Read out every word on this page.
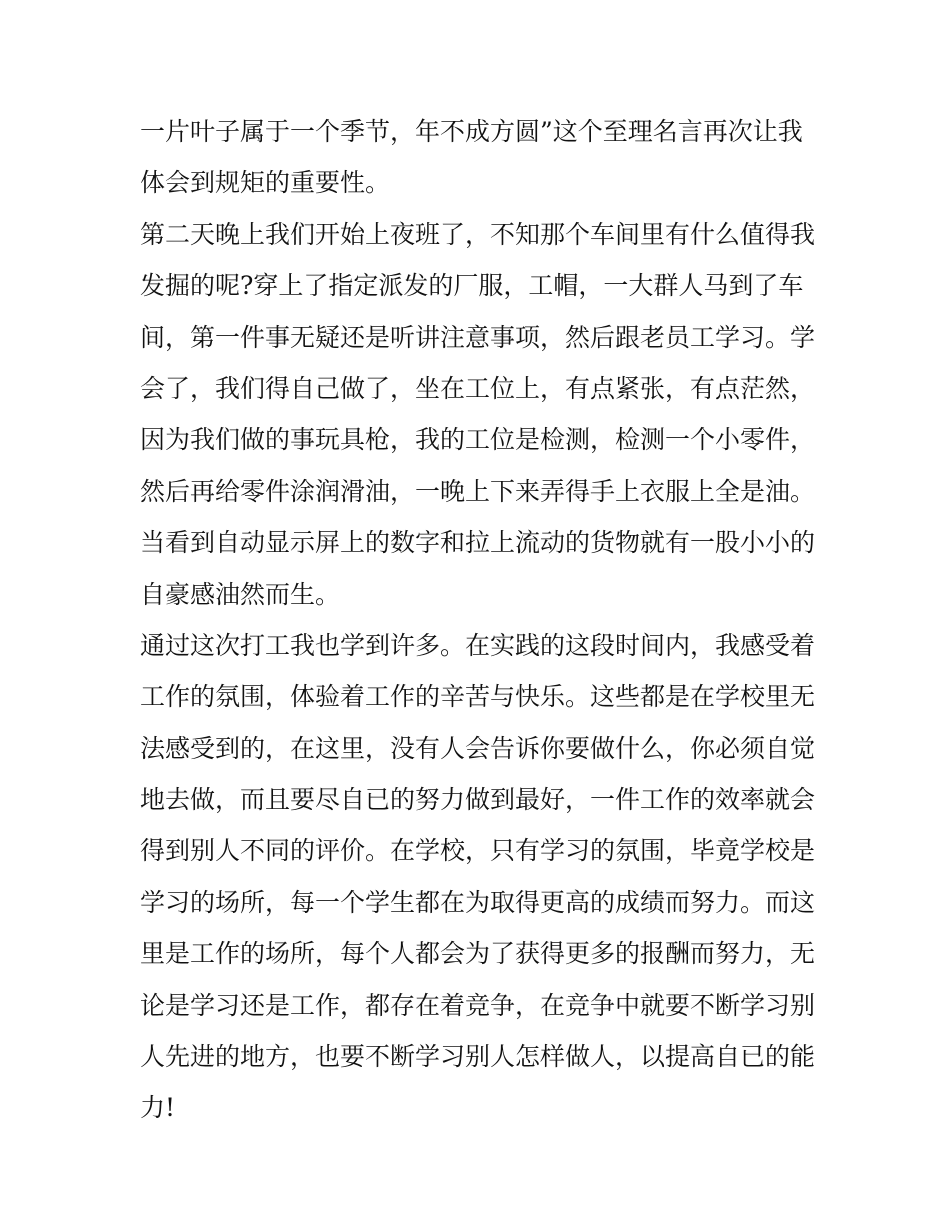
一片叶子属于一个季节，年不成方圆”这个至理名言再次让我
体会到规矩的重要性。
第二天晚上我们开始上夜班了，不知那个车间里有什么值得我
发掘的呢?穿上了指定派发的厂服，工帽，一大群人马到了车
间，第一件事无疑还是听讲注意事项，然后跟老员工学习。学
会了，我们得自己做了，坐在工位上，有点紧张，有点茫然，
因为我们做的事玩具枪，我的工位是检测，检测一个小零件，
然后再给零件涂润滑油，一晚上下来弄得手上衣服上全是油。
当看到自动显示屏上的数字和拉上流动的货物就有一股小小的
自豪感油然而生。
通过这次打工我也学到许多。在实践的这段时间内，我感受着
工作的氛围，体验着工作的辛苦与快乐。这些都是在学校里无
法感受到的，在这里，没有人会告诉你要做什么，你必须自觉
地去做，而且要尽自已的努力做到最好，一件工作的效率就会
得到别人不同的评价。在学校，只有学习的氛围，毕竟学校是
学习的场所，每一个学生都在为取得更高的成绩而努力。而这
里是工作的场所，每个人都会为了获得更多的报酬而努力，无
论是学习还是工作，都存在着竞争，在竞争中就要不断学习别
人先进的地方，也要不断学习别人怎样做人，以提高自已的能
力!
